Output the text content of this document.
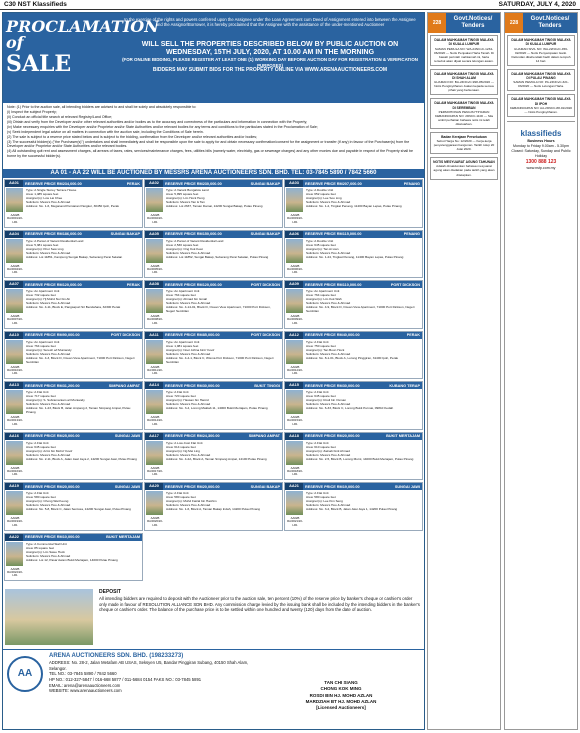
C30 NST Klassifieds	SATURDAY, JULY 4, 2020
PROCLAMATION of
SALE
In the exercise of the rights and powers conferred upon the Assignee under the Loan Agreement cum Deed of Assignment entered into between the Assignee and the Assignor/Borrower, it is hereby proclaimed that the Assignee with the assistance of the under-mentioned Auctioneer
WILL SELL THE PROPERTIES DESCRIBED BELOW BY PUBLIC AUCTION ON WEDNESDAY, 15TH JULY, 2020, AT 10.00 AM IN THE MORNING
(FOR ONLINE BIDDING, PLEASE REGISTER AT LEAST ONE (1) WORKING DAY BEFORE AUCTION DAY FOR REGISTRATION & VERIFICATION PURPOSES)
BIDDERS MAY SUBMIT BIDS FOR THE PROPERTY ONLINE VIA WWW.ARENAAUCTIONEERS.COM
Note: (1) Prior to the auction sale, all intending bidders are advised to and shall be solely and absolutely responsible to:
(i) Inspect the subject Property;
(ii) Conduct an official title search at relevant Registry/Land Office;
(iii) Obtain and verify from the Developer and/or other relevant authorities and/or bodies as to the accuracy and correctness of the particulars and information in connection with the Property;
(iv) Make necessary enquiries with the Developer and/or Proprietor and/or State Authorities and/or relevant bodies for any terms and conditions to the particulars stated in the Proclamation of Sale;
(v) Seek independent legal advice on all matters in connection with the auction sale, including the Conditions of Sale herein.
(2) The sale is subject to a reserve price stated below and is subject to the bidding, confirmation from the Developer and/or relevant authorities and/or bodies;
(3) The successful bidder(s) ("the Purchaser(s)") undertakes and shall immediately and shall be responsible upon the sale to apply for and obtain necessary confirmation/consent for the assignment or transfer (if any) in favour of the Purchaser(s) from the Developer and/or Proprietor and/or State Authorities and/or relevant bodies.
(4) All outstanding quit rent and assessment charges, all arrears of taxes, rates, services/maintenance charges, fees, utilities bills (namely water, electricity, gas or sewerage charges) and any other monies due and payable in respect of the Property shall be borne by the successful bidder(s).
AA 01 - AA 22 WILL BE AUCTIONED BY MESSRS ARENA AUCTIONEERS SDN. BHD. TEL: 03-7845 5890 / 7842 5660
AA01	RESERVE PRICE RM234,000.00	PERAK
AA02B RA/0001/20-LR1
Type: A Single Storey Terrace House
Area: 1,485 square feet
Assignor(s): Low Lai Chee
Solicitors: Messrs Hoo & Ahmad
Address: No. 1-6, Meganand Persiaran Pangkor, 30450 Ipoh, Perak
AA02	RESERVE PRICE RM230,000.00	SUNGAI BAKAP
AA02B RA/0002/20-LR1
Type: A Vacant Bungalow Land
Area: 5,995 square feet
Assignor(s): Lim Hock Heng
Solicitors: Messrs Tan & Tan
Address: Lot 2637, Taman Damai, 14200 Sungai Bakap, Pulau Pinang
AA03	RESERVE PRICE RM207,000.00	PENANG
AA02B RA/0003/20-LR1
Type: A Double Unit
Area: 652 square feet
Assignor(s): Lee Soo Ling
Solicitors: Messrs Hoo & Ahmad
Address: No. 1-2, Tingkat Penang, 11400 Bayan Lepas, Pulau Pinang
AA04	RESERVE PRICE RM186,000.00	SUNGAI BAKAP
AA02B RA/0004/20-LR1
Type: A Parcel of Vacant Residential Land
Area: 5,381 square feet
Assignor(s): Khor Sew Ling
Solicitors: Messrs Hoo & Ahmad
Address: Lot 11851, Kampung Sungai Bakap, Seberang Perai Selatan
AA05	RESERVE PRICE RM150,000.00	SUNGAI BAKAP
AA02B RA/0005/20-LR1
Type: A Parcel of Vacant Residential Land
Area: 2,530 square feet
Assignor(s): Ong Kok Keat
Solicitors: Messrs Hoo & Ahmad
Address: Lot 11852, Sungai Bakap, Seberang Perai Selatan, Pulau Pinang
AA06	RESERVE PRICE RM115,000.00	PENANG
AA02B RA/0006/20-LR1
Type: A Double Unit
Area: 645 square feet
Assignor(s): Tan Ai Lian
Solicitors: Messrs Hoo & Ahmad
Address: No. 1-24, Tingkat Penang, 11400 Bayan Lepas, Pulau Pinang
AA07	RESERVE PRICE RM120,000.00	PERAK
AA02B RA/0007/20-LR1
Type: An Apartment Unit
Area: 732 square feet
Assignor(s): Hj Mohd Nor bin Ali
Solicitors: Messrs Hoo & Ahmad
Address: No. 4-11, Block E, Pangsapuri Sri Bendahara, 32300 Perak
AA08	RESERVE PRICE RM120,000.00	PORT DICKSON
AA02B RA/0008/20-LR1
Type: An Apartment Unit
Area: 764 square feet
Assignor(s): Ahmad bin Ismail
Solicitors: Messrs Hoo & Ahmad
Address: No. 4-14-01, Block D, Ocean View Apartment, 71000 Port Dickson, Negeri Sembilan
AA09	RESERVE PRICE RM110,000.00	PORT DICKSON
AA02B RA/0009/20-LR1
Type: An Apartment Unit
Area: 764 square feet
Assignor(s): Lim Kok Wah
Solicitors: Messrs Hoo & Ahmad
Address: No. 4-9, Block D, Ocean View Apartment, 71000 Port Dickson, Negeri Sembilan
AA10	RESERVE PRICE RM90,000.00	PORT DICKSON
AA02B RA/0010/20-LR1
Type: An Apartment Unit
Area: 764 square feet
Assignor(s): Suresh a/l Muniandy
Solicitors: Messrs Hoo & Ahmad
Address: No. 4-3, Block D, Ocean View Apartment, 71000 Port Dickson, Negeri Sembilan
AA11	RESERVE PRICE RM85,000.00	PORT DICKSON
AA02B RA/0011/20-LR1
Type: An Apartment Unit
Area: 1,081 square feet
Assignor(s): Noor Azlina binti Yusof
Solicitors: Messrs Hoo & Ahmad
Address: No. 4-4-1, Block C, Wisma Port Dickson, 71000 Port Dickson, Negeri Sembilan
AA12	RESERVE PRICE RM40,000.00	PERAK
AA02B RA/0012/20-LR1
Type: A Flat Unit
Area: 750 square feet
Assignor(s): Tan Boon Hock
Solicitors: Messrs Hoo & Ahmad
Address: No. 8-1-01, Block A, Lorong Pinggiran, 31400 Ipoh, Perak
AA13	RESERVE PRICE RM31,200.00	SIMPANG AMPAT
AA02B RA/0013/20-LR1
Type: A Flat Unit
Area: 717 square feet
Assignor(s): S. Subramaniam a/l Muniandy
Solicitors: Messrs Hoo & Ahmad
Address: No. 1-23, Block B, Jalan Ampang 2, Taman Simpang Ampat, Pulau Pinang
AA14	RESERVE PRICE RM30,000.00	BUKIT TINGGI
AA02B RA/0014/20-LR1
Type: A Flat Unit
Area: 720 square feet
Assignor(s): Hassan bin Hamid
Solicitors: Messrs Hoo & Ahmad
Address: No. 3-4, Lorong Maktab 11, 14000 Bukit Mertajam, Pulau Pinang
AA15	RESERVE PRICE RM30,000.00	KUBANG TERAP
AA02B RA/0015/20-LR1
Type: A Flat Unit
Area: 645 square feet
Assignor(s): Rosli bin Osman
Solicitors: Messrs Hoo & Ahmad
Address: No. 6-33, Block C, Lorong Bukit Permai, 09810 Kedah
AA16	RESERVE PRICE RM25,000.00	SUNGAI JAWI
AA02B RA/0016/20-LR1
Type: A Flat Unit
Area: 645 square feet
Assignor(s): Azmi bin Mohd Yusof
Solicitors: Messrs Hoo & Ahmad
Address: No. 2-11, Block A, Jalan Jawi Jaya 2, 14200 Sungai Jawi, Pulau Pinang
AA17	RESERVE PRICE RM24,300.00	SIMPANG AMPAT
AA02B RA/0017/20-LR1
Type: A Low-Cost Flat Unit
Area: 614 square feet
Assignor(s): Ng Mei Ling
Solicitors: Messrs Hoo & Ahmad
Address: No. 4-2A, Block A, Taman Simpang Ampat, 14100 Pulau Pinang
AA18	RESERVE PRICE RM20,000.00	BUKIT MERTAJAM
AA02B RA/0018/20-LR1
Type: A Flat Unit
Area: 610 square feet
Assignor(s): Zainab binti Ahmad
Solicitors: Messrs Hoo & Ahmad
Address: No. 2-5, Block B, Lorong Murni, 14000 Bukit Mertajam, Pulau Pinang
AA19	RESERVE PRICE RM20,000.00	SUNGAI JAWI
AA02B RA/0019/20-LR1
Type: A Flat Unit
Area: 580 square feet
Assignor(s): Chong Wai Keong
Solicitors: Messrs Hoo & Ahmad
Address: No. 5-8, Block C, Jalan Sentosa, 14200 Sungai Jawi, Pulau Pinang
AA20	RESERVE PRICE RM20,000.00	SUNGAI BAKAP
AA02B RA/0020/20-LR1
Type: A Flat Unit
Area: 580 square feet
Assignor(s): Mohd Faizal bin Hashim
Solicitors: Messrs Hoo & Ahmad
Address: No. 1-6, Block A, Taman Bakap Indah, 14200 Pulau Pinang
AA21	RESERVE PRICE RM19,000.00	SUNGAI JAWI
AA02B RA/0021/20-LR1
Type: A Flat Unit
Area: 580 square feet
Assignor(s): Lee Kim Seng
Solicitors: Messrs Hoo & Ahmad
Address: No. 3-2, Block B, Jalan Jawi Jaya 1, 14200 Pulau Pinang
AA22	RESERVE PRICE RM10,000.00	BUKIT MERTAJAM
AA02B RA/0022/20-LR1
Type: A Commercial Stall Unit
Area: 85 square feet
Assignor(s): Lim Swee Hock
Solicitors: Messrs Hoo & Ahmad
Address: Lot 12, Pasar Awam Bukit Mertajam, 14000 Pulau Pinang
DEPOSIT
All intending bidders are required to deposit with the Auctioneer prior to the auction sale, ten percent (10%) of the reserve price by banker's cheque or cashier's order only made in favour of RESOLUTION ALLIANCE SDN BHD. Any commission charge levied by the issuing bank shall be included by the intending bidders in the banker's cheque or cashier's order. The balance of the purchase price is to be settled within one hundred and twenty (120) days from the date of auction.
AA
ARENA AUCTIONEERS SDN. BHD. (198233273)
ADDRESS: No. 28-2, Jalan Metafam AB USAS, Seksyen U5, Bandar Pinggiran Subang, 40150 Shah Alam, Selangor.
TEL NO.: 03-7845 5890 / 7842 5660
HP NO.: 012-327-5847 / 016-668 5877 / 011-5684 0154 FAKS NO.: 03-7845 5891
EMAIL: arena@arenaauctioneers.com
WEBSITE: www.arenaauctioneers.com
TAN CHI SIANG
CHONG KOK MING
ROSDI BIN HJ. MOHD AZLAN
MARDZIAH BT HJ. MOHD AZLAN
[Licensed Auctioneers]
228
Govt.Notices/ Tenders
DALAM MAHKAMAH TINGGI MALAYA DI KUALA LUMPUR
SAMAN PEMULA NO: WA-24NCvC-1234-06/2020 — Notis Penjualan Harta Tanah. Di bawah perintah mahkamah ini, harta tersebut akan dijual secara lelongan awam.
DALAM MAHKAMAH TINGGI MALAYA DI SHAH ALAM
GUAMAN NO: BA-24NCvC-998-05/2020 — Notis Pengisytiharan Jualan kepada semua pihak yang berkenaan.
DALAM MAHKAMAH TINGGI MALAYA DI SEREMBAN
PERMOHONAN PENGISYTIHARAN KEBANKRAPAN NO: 29NCC-1100 — Sila ambil perhatian bahawa notis ini telah dikeluarkan.
Badan Kerajaan Persekutuan
Sebut Harga No: 12/2020 — Kerja-kerja penyelenggaraan bangunan. Tarikh tutup 20 Julai 2020.
NOTIS MESYUARAT AGUNG TAHUNAN
Adalah dimaklumkan bahawa mesyuarat agung akan diadakan pada tarikh yang akan ditetapkan.
228
Govt.Notices/ Tenders
DALAM MAHKAMAH TINGGI MALAYA DI KUALA LUMPUR
GUAMAN SIVIL NO: WA-22NCvC-456-02/2020 — Notis Penyampaian Ganti. Defendan dikehendaki hadir dalam tempoh 14 hari.
DALAM MAHKAMAH TINGGI MALAYA DI PULAU PINANG
SAMAN PEMULA NO: PA-24NCvC-321-03/2020 — Notis Lelongan Harta.
DALAM MAHKAMAH TINGGI MALAYA DI IPOH
KEBANKRAPAN NO: AA-29NCC-88-01/2020 — Notis Pengisytiharan.
klassifieds
Business Hours
Monday to Friday 9.00am - 5.30pm
Closed: Saturday, Sunday and Public Holiday
1300 888 123
www.nstp.com.my
